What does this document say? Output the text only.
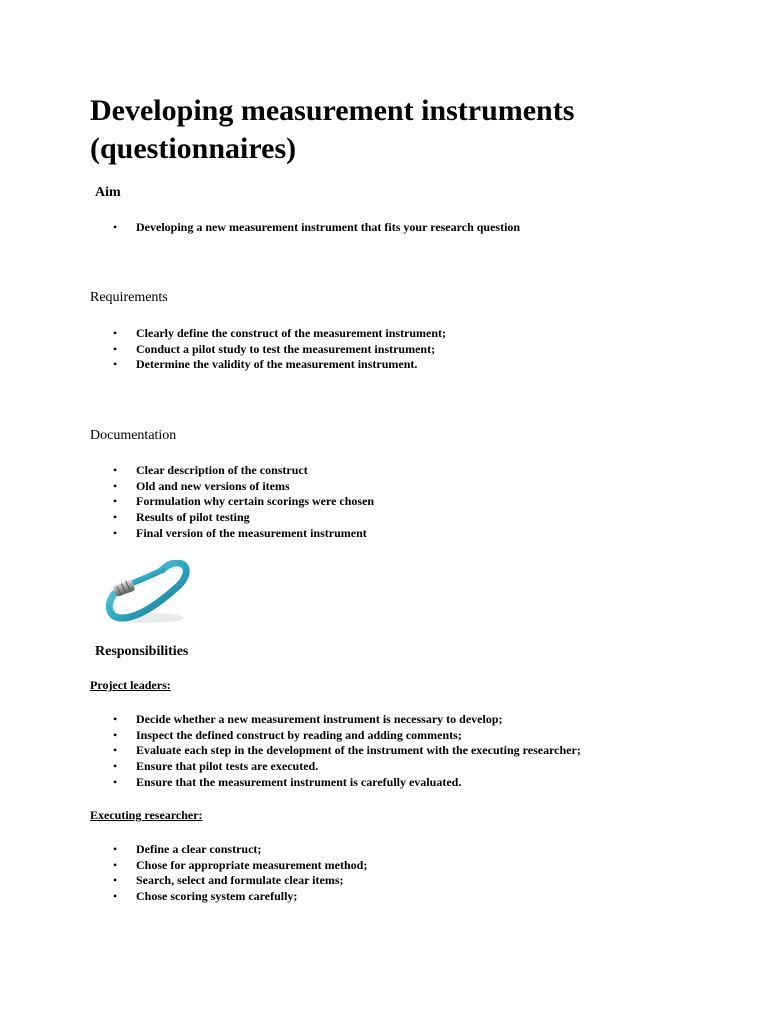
Developing measurement instruments (questionnaires)
Aim
• Developing a new measurement instrument that fits your research question
Requirements
• Clearly define the construct of the measurement instrument;
• Conduct a pilot study to test the measurement instrument;
• Determine the validity of the measurement instrument.
Documentation
• Clear description of the construct
• Old and new versions of items
• Formulation why certain scorings were chosen
• Results of pilot testing
• Final version of the measurement instrument
Responsibilities

Project leaders:

• Decide whether a new measurement instrument is necessary to develop;
• Inspect the defined construct by reading and adding comments;
• Evaluate each step in the development of the instrument with the executing researcher;
• Ensure that pilot tests are executed.
• Ensure that the measurement instrument is carefully evaluated.

Executing researcher:

• Define a clear construct;
• Chose for appropriate measurement method;
• Search, select and formulate clear items;
• Chose scoring system carefully;
